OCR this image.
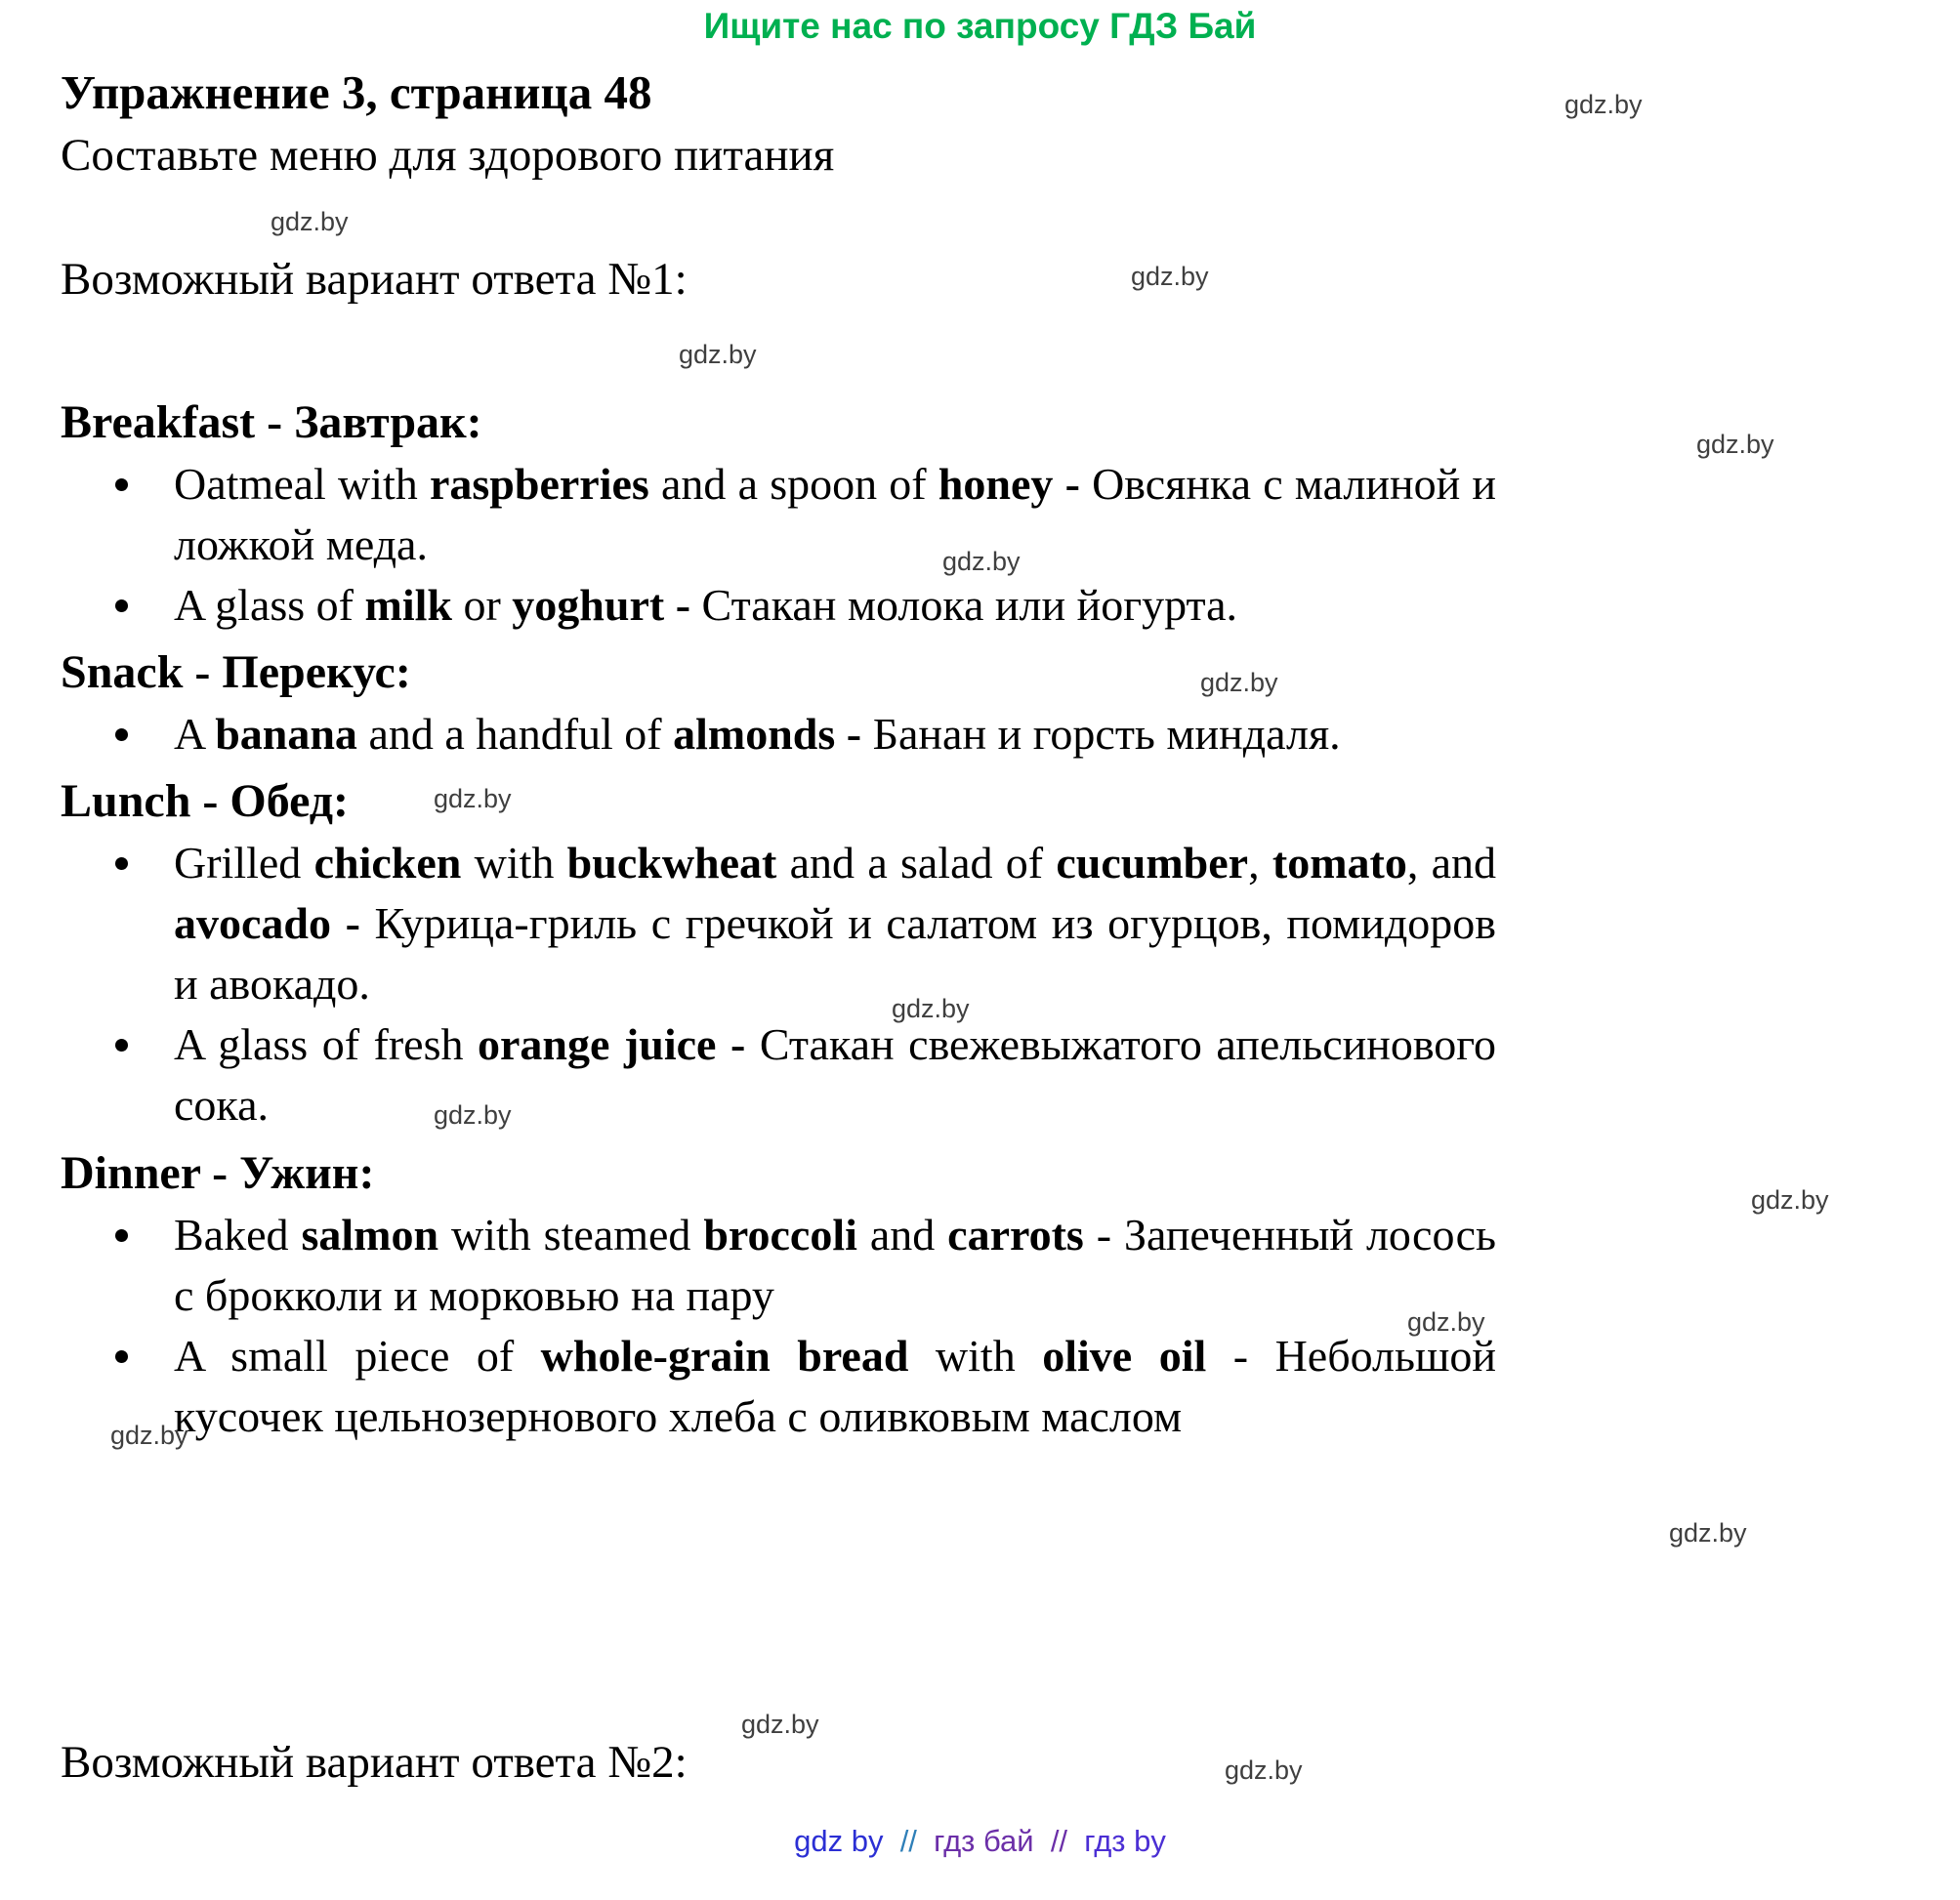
Ищите нас по запросу ГДЗ Бай
Упражнение 3, страница 48
Составьте меню для здорового питания
Возможный вариант ответа №1:
Breakfast - Завтрак:
Oatmeal with raspberries and a spoon of honey - Овсянка с малиной и ложкой меда.
A glass of milk or yoghurt - Стакан молока или йогурта.
Snack - Перекус:
A banana and a handful of almonds - Банан и горсть миндаля.
Lunch - Обед:
Grilled chicken with buckwheat and a salad of cucumber, tomato, and avocado - Курица-гриль с гречкой и салатом из огурцов, помидоров и авокадо.
A glass of fresh orange juice - Стакан свежевыжатого апельсинового сока.
Dinner - Ужин:
Baked salmon with steamed broccoli and carrots - Запеченный лосось с брокколи и морковью на пару
A small piece of whole-grain bread with olive oil - Небольшой кусочек цельнозернового хлеба с оливковым маслом
Возможный вариант ответа №2:
gdz by  //  гдз бай  //  гдз by
gdz.by
gdz.by
gdz.by
gdz.by
gdz.by
gdz.by
gdz.by
gdz.by
gdz.by
gdz.by
gdz.by
gdz.by
gdz.by
gdz.by
gdz.by
gdz.by
